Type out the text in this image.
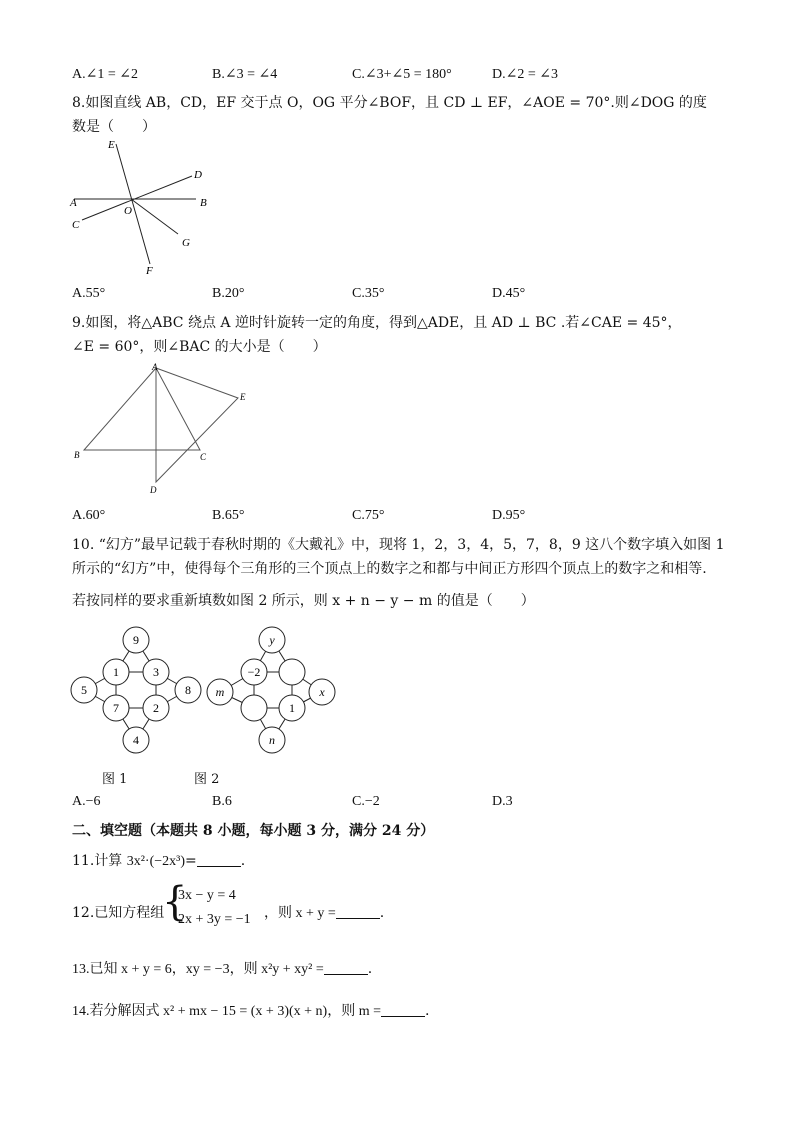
A.∠1 = ∠2	B.∠3 = ∠4	C.∠3+∠5 = 180°	D.∠2 = ∠3
8.如图直线 AB，CD，EF 交于点 O，OG 平分∠BOF，且 CD ⊥ EF，∠AOE = 70°.则∠DOG 的度
数是（　　）
E
D
A
O
B
C
G
F
A.55°	B.20°	C.35°	D.45°
9.如图，将△ABC 绕点 A 逆时针旋转一定的角度，得到△ADE，且 AD ⊥ BC .若∠CAE = 45°，
∠E = 60°，则∠BAC 的大小是（　　）
A
E
B	C
D
A.60°	B.65°	C.75°	D.95°
10. “幻方”最早记载于春秋时期的《大戴礼》中，现将 1，2，3，4，5，7，8，9 这八个数字填入如图 1
所示的“幻方”中，使得每个三角形的三个顶点上的数字之和都与中间正方形四个顶点上的数字之和相等.
若按同样的要求重新填数如图 2 所示，则 x + n − y − m 的值是（　　）
9
1	3
5	8
7	2
4
y
−2
m	x
1
n
图 1	图 2
A.−6	B.6	C.−2	D.3
二、填空题（本题共 8 小题，每小题 3 分，满分 24 分）
11.计算 3x²·(−2x³)=	.
12.已知方程组
{
3x − y = 4
2x + 3y = −1 ，则 x + y =	.
13.已知 x + y = 6，xy = −3，则 x²y + xy² =	.
14.若分解因式 x² + mx − 15 = (x + 3)(x + n)，则 m =	.
